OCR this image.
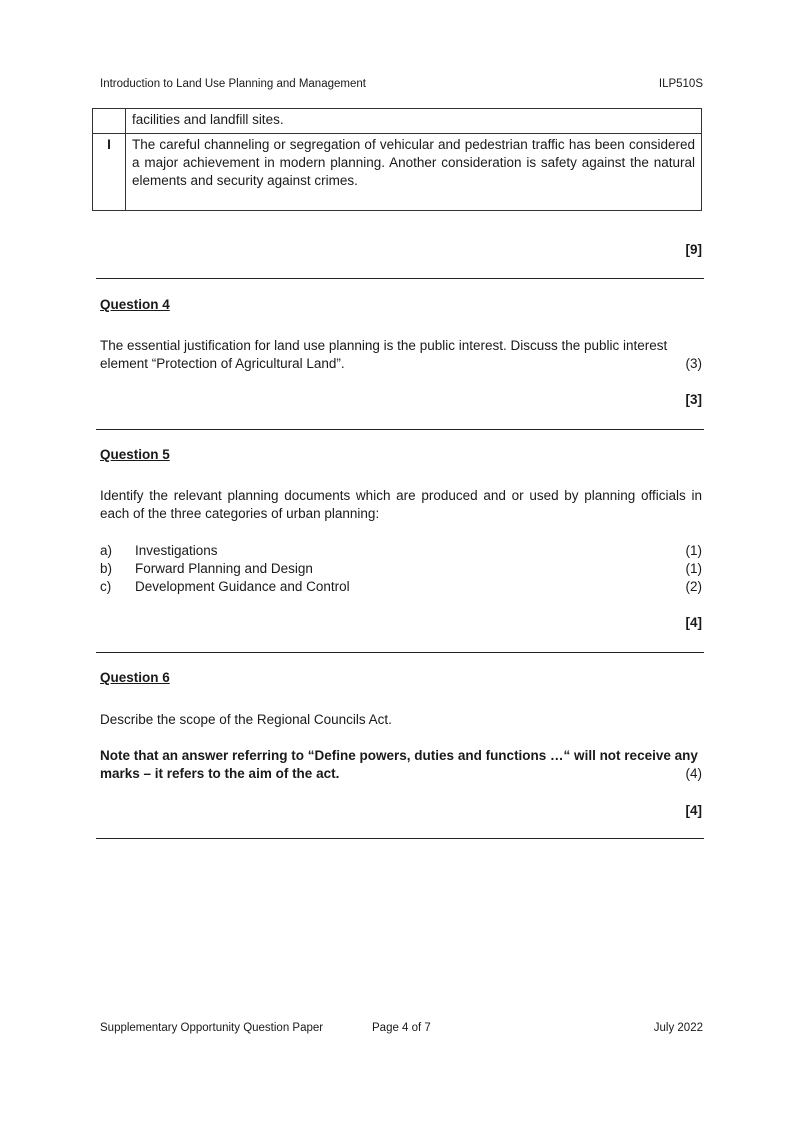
Introduction to Land Use Planning and Management	ILP510S
	facilities and landfill sites.
I	The careful channeling or segregation of vehicular and pedestrian traffic has been considered a major achievement in modern planning. Another consideration is safety against the natural elements and security against crimes.
[9]
Question 4
The essential justification for land use planning is the public interest. Discuss the public interest
element “Protection of Agricultural Land”.	(3)
[3]
Question 5
Identify the relevant planning documents which are produced and or used by planning officials in each of the three categories of urban planning:
a) Investigations	(1)
b) Forward Planning and Design	(1)
c) Development Guidance and Control	(2)
[4]
Question 6
Describe the scope of the Regional Councils Act.
Note that an answer referring to “Define powers, duties and functions …“ will not receive any
marks – it refers to the aim of the act.	(4)
[4]
Supplementary Opportunity Question Paper	Page 4 of 7	July 2022
